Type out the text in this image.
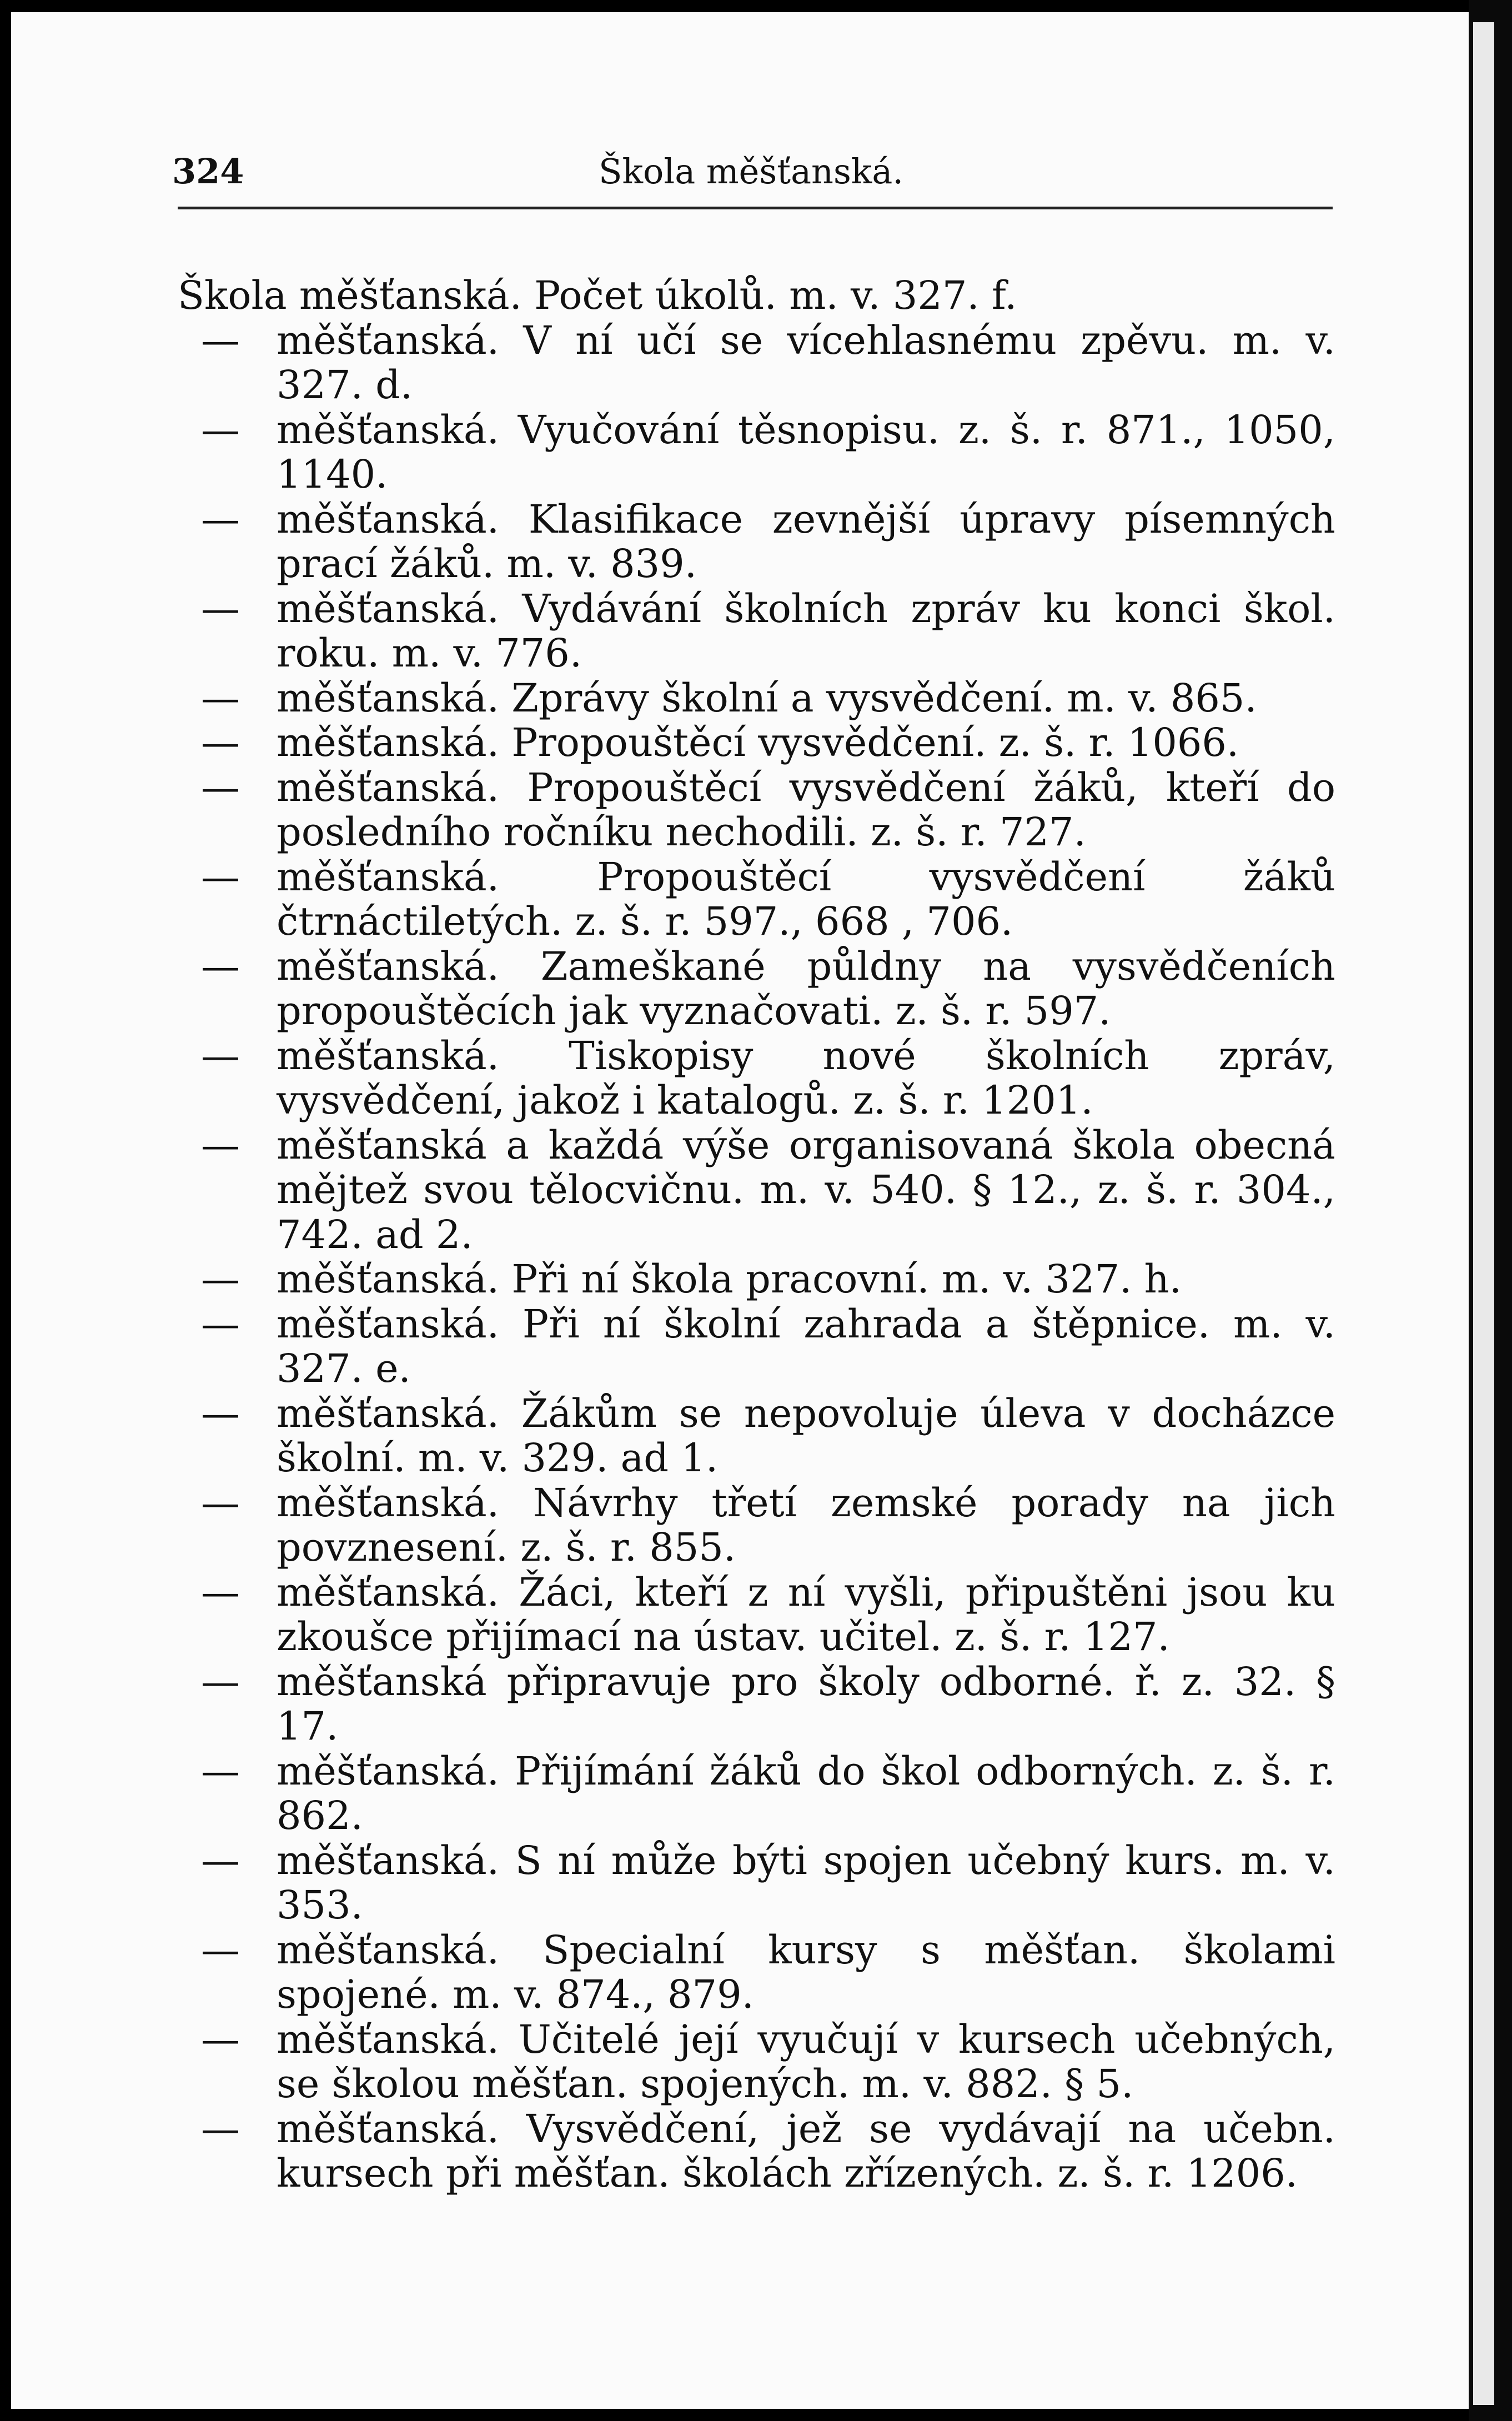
324	Škola měšťanská.
Škola měšťanská. Počet úkolů. m. v. 327. f.
— měšťanská. V ní učí se vícehlasnému zpěvu. m. v. 327. d.
— měšťanská. Vyučování těsnopisu. z. š. r. 871., 1050, 1140.
— měšťanská. Klasifikace zevnější úpravy písemných prací žáků. m. v. 839.
— měšťanská. Vydávání školních zpráv ku konci škol. roku. m. v. 776.
— měšťanská. Zprávy školní a vysvědčení. m. v. 865.
— měšťanská. Propouštěcí vysvědčení. z. š. r. 1066.
— měšťanská. Propouštěcí vysvědčení žáků, kteří do posledního ročníku nechodili. z. š. r. 727.
— měšťanská. Propouštěcí vysvědčení žáků čtrnáctiletých. z. š. r. 597., 668 , 706.
— měšťanská. Zameškané půldny na vysvědčeních propouštěcích jak vyznačovati. z. š. r. 597.
— měšťanská. Tiskopisy nové školních zpráv, vysvědčení, jakož i katalogů. z. š. r. 1201.
— měšťanská a každá výše organisovaná škola obecná mějtež svou tělocvičnu. m. v. 540. § 12., z. š. r. 304., 742. ad 2.
— měšťanská. Při ní škola pracovní. m. v. 327. h.
— měšťanská. Při ní školní zahrada a štěpnice. m. v. 327. e.
— měšťanská. Žákům se nepovoluje úleva v docházce školní. m. v. 329. ad 1.
— měšťanská. Návrhy třetí zemské porady na jich povznesení. z. š. r. 855.
— měšťanská. Žáci, kteří z ní vyšli, připuštěni jsou ku zkoušce přijímací na ústav. učitel. z. š. r. 127.
— měšťanská připravuje pro školy odborné. ř. z. 32. § 17.
— měšťanská. Přijímání žáků do škol odborných. z. š. r. 862.
— měšťanská. S ní může býti spojen učebný kurs. m. v. 353.
— měšťanská. Specialní kursy s měšťan. školami spojené. m. v. 874., 879.
— měšťanská. Učitelé její vyučují v kursech učebných, se školou měšťan. spojených. m. v. 882. § 5.
— měšťanská. Vysvědčení, jež se vydávají na učebn. kursech při měšťan. školách zřízených. z. š. r. 1206.
